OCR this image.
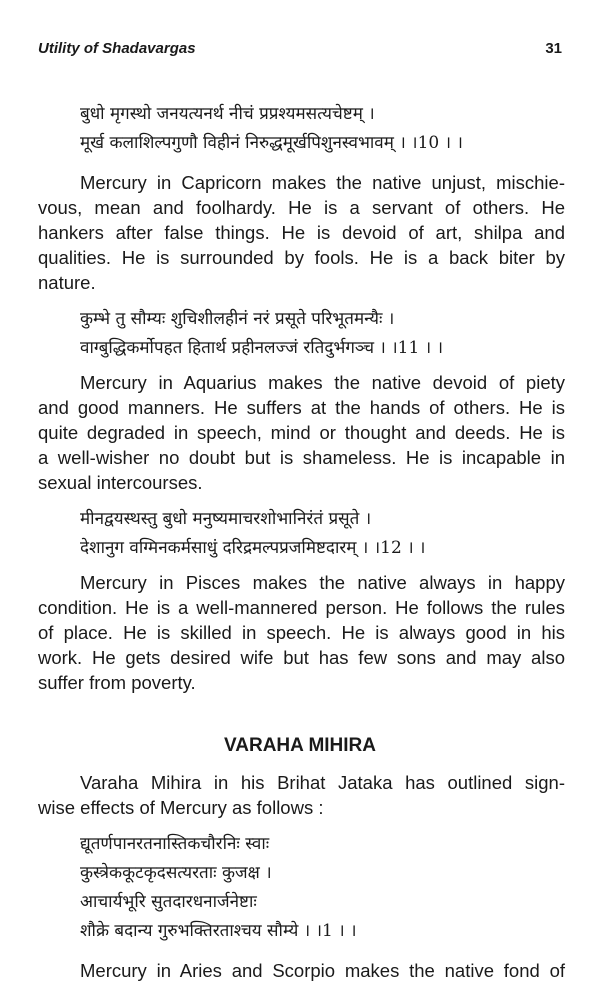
Utility of Shadavargas	31
बुधो मृगस्थो जनयत्यनर्थ नीचं प्रप्रश्यमसत्यचेष्टम् ।
मूर्ख कलाशिल्पगुणौ विहीनं निरुद्धमूर्खपिशुनस्वभावम् । ।10 । ।
Mercury in Capricorn makes the native unjust, mischie-
vous, mean and foolhardy. He is a servant of others. He
hankers after false things. He is devoid of art, shilpa and
qualities. He is surrounded by fools. He is a back biter by
nature.
कुम्भे तु सौम्यः शुचिशीलहीनं नरं प्रसूते परिभूतमन्यैः ।
वाग्बुद्धिकर्मोपहत हितार्थ प्रहीनलज्जं रतिदुर्भगञ्च । ।11 । ।
Mercury in Aquarius makes the native devoid of piety
and good manners. He suffers at the hands of others. He is
quite degraded in speech, mind or thought and deeds. He is
a well-wisher no doubt but is shameless. He is incapable in
sexual intercourses.
मीनद्वयस्थस्तु बुधो मनुष्यमाचरशोभानिरंतं प्रसूते ।
देशानुग वग्मिनकर्मसाधुं दरिद्रमल्पप्रजमिष्टदारम् । ।12 । ।
Mercury in Pisces makes the native always in happy
condition. He is a well-mannered person. He follows the rules
of place. He is skilled in speech. He is always good in his
work. He gets desired wife but has few sons and may also
suffer from poverty.
VARAHA MIHIRA
Varaha Mihira in his Brihat Jataka has outlined sign-
wise effects of Mercury as follows :
द्यूतर्णपानरतनास्तिकचौरनिः स्वाः
कुस्त्रेककूटकृदसत्यरताः कुजक्ष ।
आचार्यभूरि सुतदारधनार्जनेष्टाः
शौक्रे बदान्य गुरुभक्तिरताश्चय सौम्ये । ।1 । ।
Mercury in Aries and Scorpio makes the native fond of
